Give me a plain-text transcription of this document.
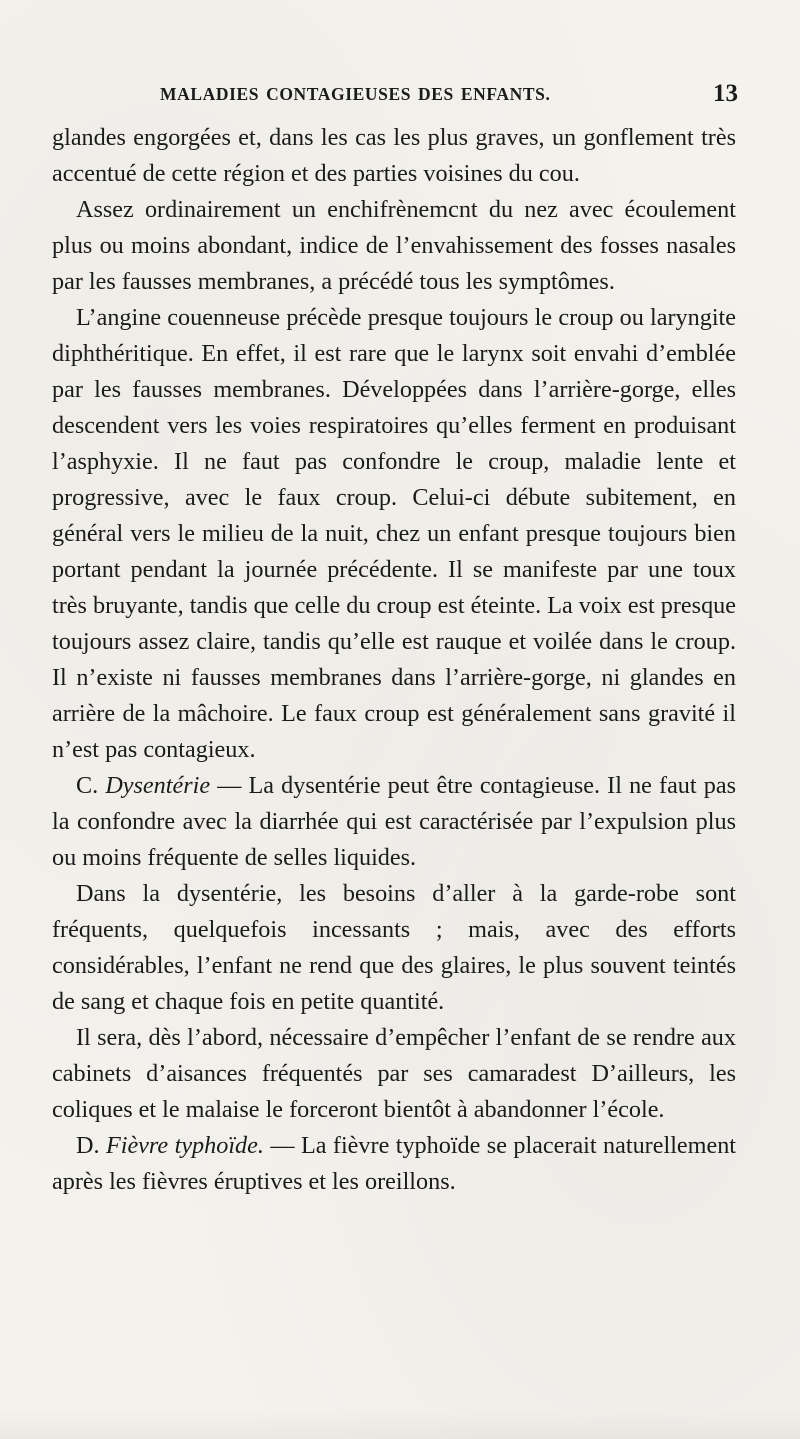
MALADIES CONTAGIEUSES DES ENFANTS.	13

glandes engorgées et, dans les cas les plus graves, un gonflement très accentué de cette région et des parties voisines du cou.

Assez ordinairement un enchifrènemcnt du nez avec écoulement plus ou moins abondant, indice de l’envahissement des fosses nasales par les fausses membranes, a précédé tous les symptômes.

L’angine couenneuse précède presque toujours le croup ou laryngite diphthéritique. En effet, il est rare que le larynx soit envahi d’emblée par les fausses membranes. Développées dans l’arrière-gorge, elles descendent vers les voies respiratoires qu’elles ferment en produisant l’asphyxie. Il ne faut pas confondre le croup, maladie lente et progressive, avec le faux croup. Celui-ci débute subitement, en général vers le milieu de la nuit, chez un enfant presque toujours bien portant pendant la journée précédente. Il se manifeste par une toux très bruyante, tandis que celle du croup est éteinte. La voix est presque toujours assez claire, tandis qu’elle est rauque et voilée dans le croup. Il n’existe ni fausses membranes dans l’arrière-gorge, ni glandes en arrière de la mâchoire. Le faux croup est généralement sans gravité il n’est pas contagieux.

C. Dysentérie — La dysentérie peut être contagieuse. Il ne faut pas la confondre avec la diarrhée qui est caractérisée par l’expulsion plus ou moins fréquente de selles liquides.

Dans la dysentérie, les besoins d’aller à la garde-robe sont fréquents, quelquefois incessants ; mais, avec des efforts considérables, l’enfant ne rend que des glaires, le plus souvent teintés de sang et chaque fois en petite quantité.

Il sera, dès l’abord, nécessaire d’empêcher l’enfant de se rendre aux cabinets d’aisances fréquentés par ses camaradest D’ailleurs, les coliques et le malaise le forceront bientôt à abandonner l’école.

D. Fièvre typhoïde. — La fièvre typhoïde se placerait naturellement après les fièvres éruptives et les oreillons.
